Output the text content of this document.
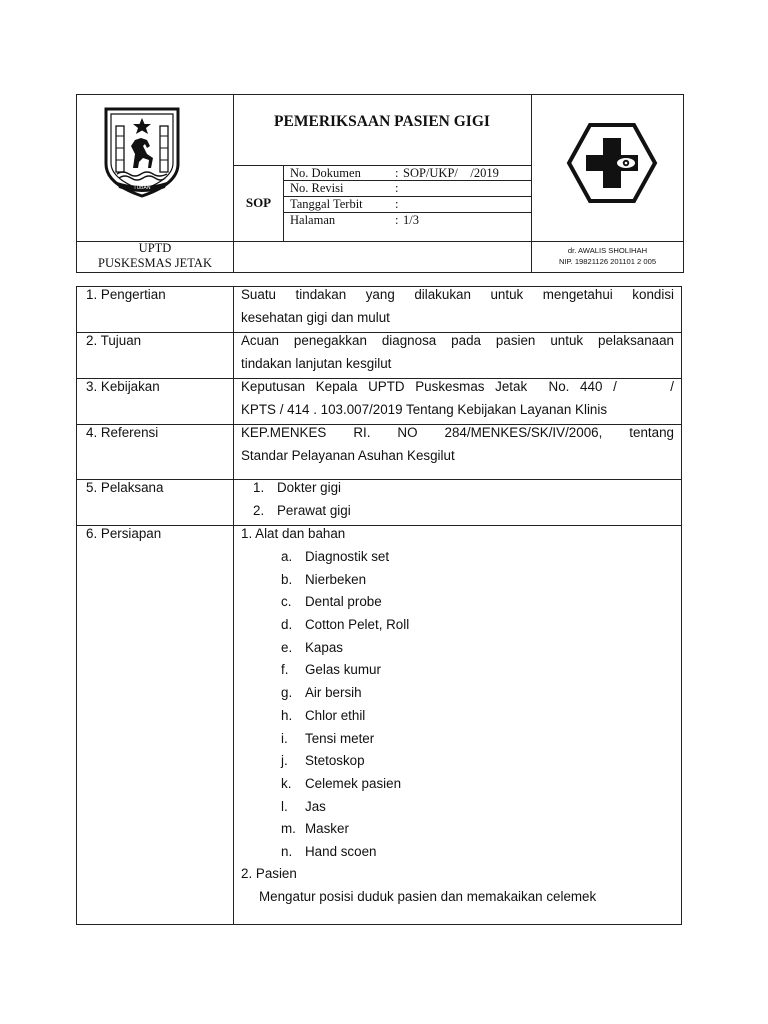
TUBAN
PEMERIKSAAN PASIEN GIGI
SOP
No. Dokumen	: SOP/UKP/    /2019
No. Revisi	:
Tanggal Terbit	:
Halaman	: 1/3
UPTD
PUSKESMAS JETAK
dr. AWALIS SHOLIHAH
NIP. 19821126 201101 2 005
1. Pengertian	Suatu tindakan yang dilakukan untuk mengetahui kondisi
kesehatan gigi dan mulut
2. Tujuan	Acuan penegakkan diagnosa pada pasien untuk pelaksanaan
tindakan lanjutan kesgilut
3. Kebijakan	Keputusan Kepala UPTD Puskesmas Jetak  No. 440 /     /
KPTS / 414 . 103.007/2019 Tentang Kebijakan Layanan Klinis
4. Referensi	KEP.MENKES RI. NO 284/MENKES/SK/IV/2006, tentang
Standar Pelayanan Asuhan Kesgilut
5. Pelaksana	1. Dokter gigi
2. Perawat gigi
6. Persiapan	1. Alat dan bahan
a. Diagnostik set
b. Nierbeken
c. Dental probe
d. Cotton Pelet, Roll
e. Kapas
f. Gelas kumur
g. Air bersih
h. Chlor ethil
i. Tensi meter
j. Stetoskop
k. Celemek pasien
l. Jas
m. Masker
n. Hand scoen
2. Pasien
Mengatur posisi duduk pasien dan memakaikan celemek
